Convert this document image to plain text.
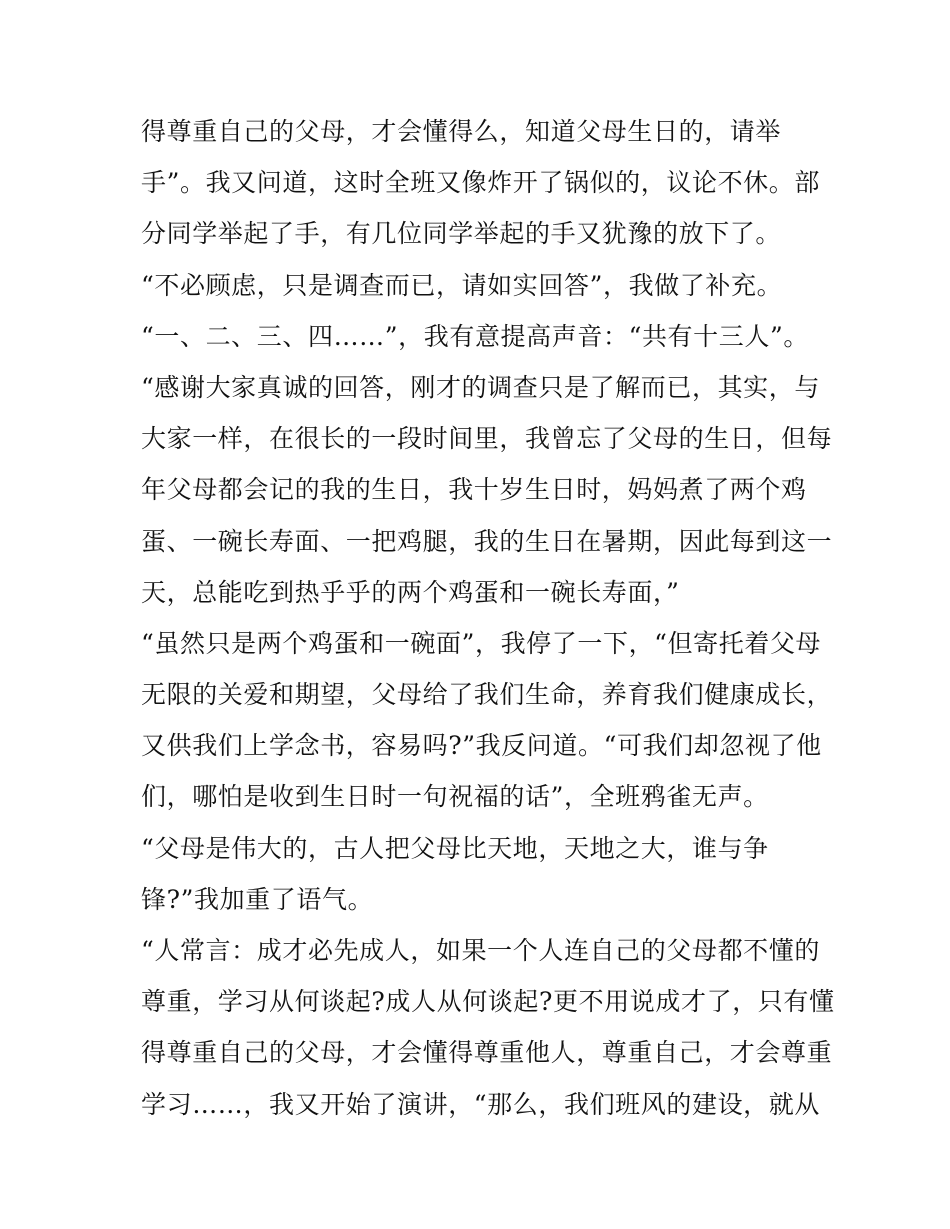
得尊重自己的父母，才会懂得么，知道父母生日的，请举
手”。我又问道，这时全班又像炸开了锅似的，议论不休。部
分同学举起了手，有几位同学举起的手又犹豫的放下了。
“不必顾虑，只是调查而已，请如实回答”，我做了补充。
“一、二、三、四……”，我有意提高声音：“共有十三人”。
“感谢大家真诚的回答，刚才的调查只是了解而已，其实，与
大家一样，在很长的一段时间里，我曾忘了父母的生日，但每
年父母都会记的我的生日，我十岁生日时，妈妈煮了两个鸡
蛋、一碗长寿面、一把鸡腿，我的生日在暑期，因此每到这一
天，总能吃到热乎乎的两个鸡蛋和一碗长寿面，”
“虽然只是两个鸡蛋和一碗面”，我停了一下，“但寄托着父母
无限的关爱和期望，父母给了我们生命，养育我们健康成长，
又供我们上学念书，容易吗?”我反问道。“可我们却忽视了他
们，哪怕是收到生日时一句祝福的话”，全班鸦雀无声。
“父母是伟大的，古人把父母比天地，天地之大，谁与争
锋?”我加重了语气。
“人常言：成才必先成人，如果一个人连自己的父母都不懂的
尊重，学习从何谈起?成人从何谈起?更不用说成才了，只有懂
得尊重自己的父母，才会懂得尊重他人，尊重自己，才会尊重
学习……，我又开始了演讲，“那么，我们班风的建设，就从
